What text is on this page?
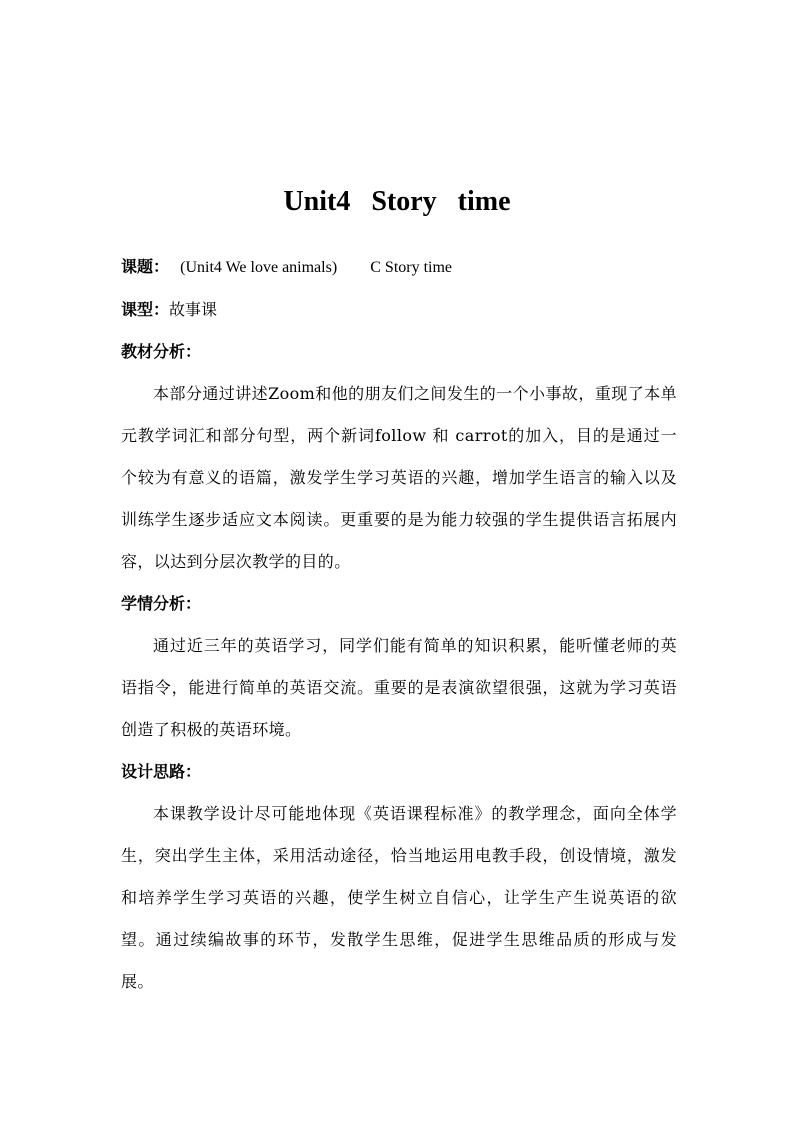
Unit4 Story time

课题： (Unit4 We love animals) C Story time

课型：故事课

教材分析：

本部分通过讲述Zoom和他的朋友们之间发生的一个小事故，重现了本单元教学词汇和部分句型，两个新词follow 和 carrot的加入，目的是通过一个较为有意义的语篇，激发学生学习英语的兴趣，增加学生语言的输入以及训练学生逐步适应文本阅读。更重要的是为能力较强的学生提供语言拓展内容，以达到分层次教学的目的。

学情分析：

通过近三年的英语学习，同学们能有简单的知识积累，能听懂老师的英语指令，能进行简单的英语交流。重要的是表演欲望很强，这就为学习英语创造了积极的英语环境。

设计思路：

本课教学设计尽可能地体现《英语课程标准》的教学理念，面向全体学生，突出学生主体，采用活动途径，恰当地运用电教手段，创设情境，激发和培养学生学习英语的兴趣，使学生树立自信心，让学生产生说英语的欲望。通过续编故事的环节，发散学生思维，促进学生思维品质的形成与发展。
